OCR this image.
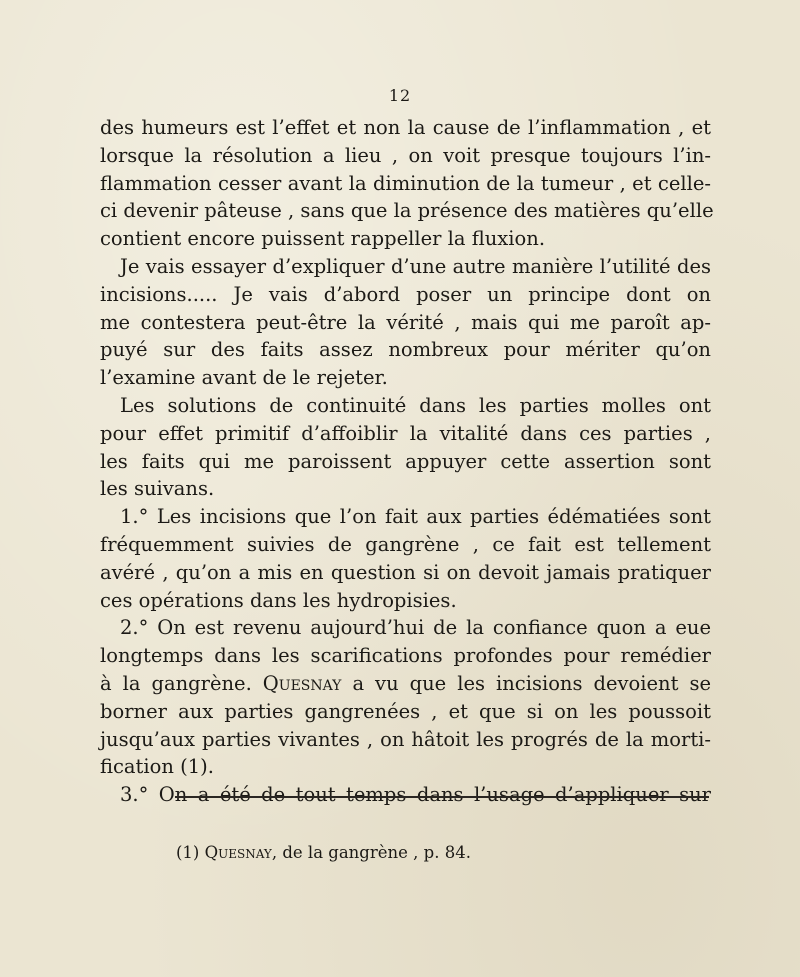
12
des humeurs est l’effet et non la cause de l’inflammation , et
lorsque la résolution a lieu , on voit presque toujours l’in-
flammation cesser avant la diminution de la tumeur , et celle-
ci devenir pâteuse , sans que la présence des matières qu’elle
contient encore puissent rappeller la fluxion.
Je vais essayer d’expliquer d’une autre manière l’utilité des
incisions..... Je vais d’abord poser un principe dont on
me contestera peut-être la vérité , mais qui me paroît ap-
puyé sur des faits assez nombreux pour mériter qu’on
l’examine avant de le rejeter.
Les solutions de continuité dans les parties molles ont
pour effet primitif d’affoiblir la vitalité dans ces parties ,
les faits qui me paroissent appuyer cette assertion sont
les suivans.
1.° Les incisions que l’on fait aux parties édématiées sont
fréquemment suivies de gangrène , ce fait est tellement
avéré , qu’on a mis en question si on devoit jamais pratiquer
ces opérations dans les hydropisies.
2.° On est revenu aujourd’hui de la confiance quon a eue
longtemps dans les scarifications profondes pour remédier
à la gangrène. Quesnay a vu que les incisions devoient se
borner aux parties gangrenées , et que si on les poussoit
jusqu’aux parties vivantes , on hâtoit les progrés de la morti-
fication (1).
3.° On a été de tout temps dans l’usage d’appliquer sur
(1) Quesnay, de la gangrène , p. 84.
